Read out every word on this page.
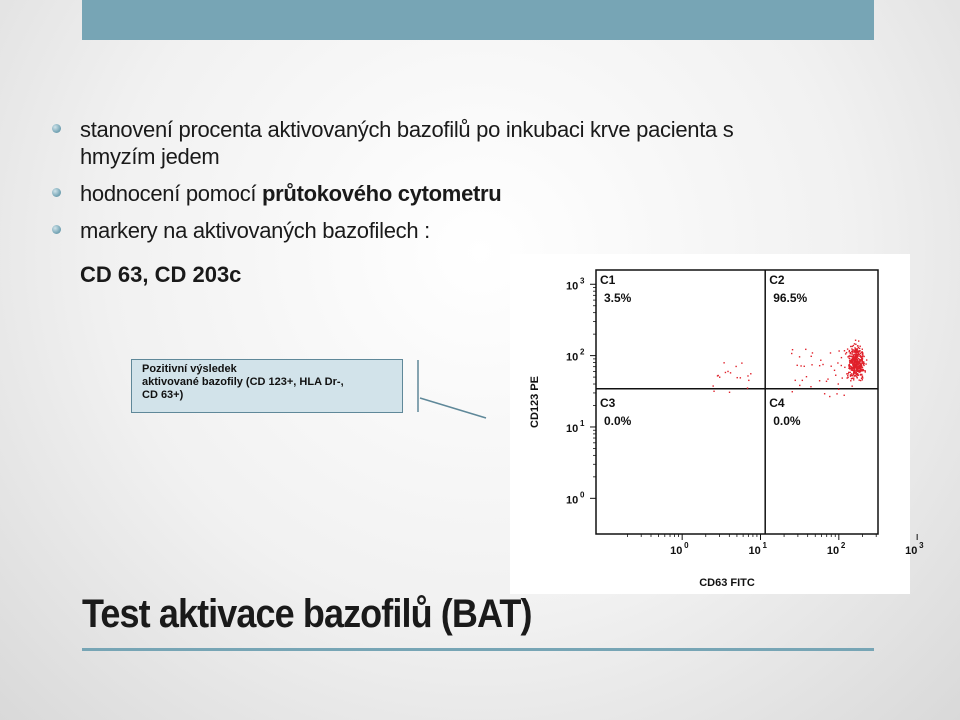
stanovení procenta aktivovaných bazofilů po inkubaci krve pacienta s hmyzím jedem
hodnocení pomocí průtokového cytometru
markery na aktivovaných bazofilech :
CD 63, CD 203c
Pozitivní výsledek
aktivované bazofily (CD 123+, HLA Dr-,
CD 63+)
C1
3.5%
C2
96.5%
C3
0.0%
C4
0.0%
10 3
10 2
10 1
10 0
10 0	10 1	10 2	10 3
CD63 FITC
CD123 PE
Test aktivace bazofilů (BAT)
